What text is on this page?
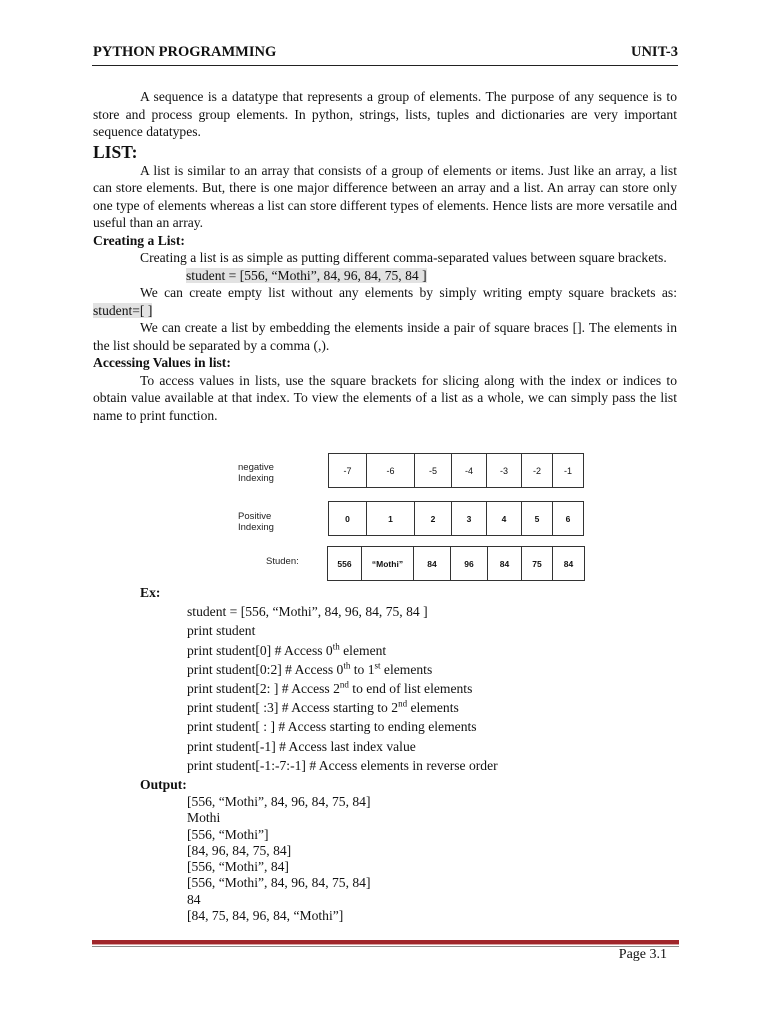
PYTHON PROGRAMMING	UNIT-3

A sequence is a datatype that represents a group of elements. The purpose of any sequence is to store and process group elements. In python, strings, lists, tuples and dictionaries are very important sequence datatypes.

LIST:

A list is similar to an array that consists of a group of elements or items. Just like an array, a list can store elements. But, there is one major difference between an array and a list. An array can store only one type of elements whereas a list can store different types of elements. Hence lists are more versatile and useful than an array.

Creating a List:

Creating a list is as simple as putting different comma-separated values between square brackets.

student = [556, “Mothi”, 84, 96, 84, 75, 84 ]

We can create empty list without any elements by simply writing empty square brackets as: student=[ ]

We can create a list by embedding the elements inside a pair of square braces []. The elements in the list should be separated by a comma (,).

Accessing Values in list:

To access values in lists, use the square brackets for slicing along with the index or indices to obtain value available at that index. To view the elements of a list as a whole, we can simply pass the list name to print function.

negative Indexing
-7	-6	-5	-4	-3	-2	-1
Positive Indexing
0	1	2	3	4	5	6
Studen:	556	“Mothi”	84	96	84	75	84
Ex:
student = [556, “Mothi”, 84, 96, 84, 75, 84 ]
print student
print student[0] # Access 0th element
print student[0:2] # Access 0th to 1st elements
print student[2: ] # Access 2nd to end of list elements
print student[ :3] # Access starting to 2nd elements
print student[ : ] # Access starting to ending elements
print student[-1] # Access last index value
print student[-1:-7:-1] # Access elements in reverse order
Output:
[556, “Mothi”, 84, 96, 84, 75, 84]
Mothi
[556, “Mothi”]
[84, 96, 84, 75, 84]
[556, “Mothi”, 84]
[556, “Mothi”, 84, 96, 84, 75, 84]
84
[84, 75, 84, 96, 84, “Mothi”]
Page 3.1
